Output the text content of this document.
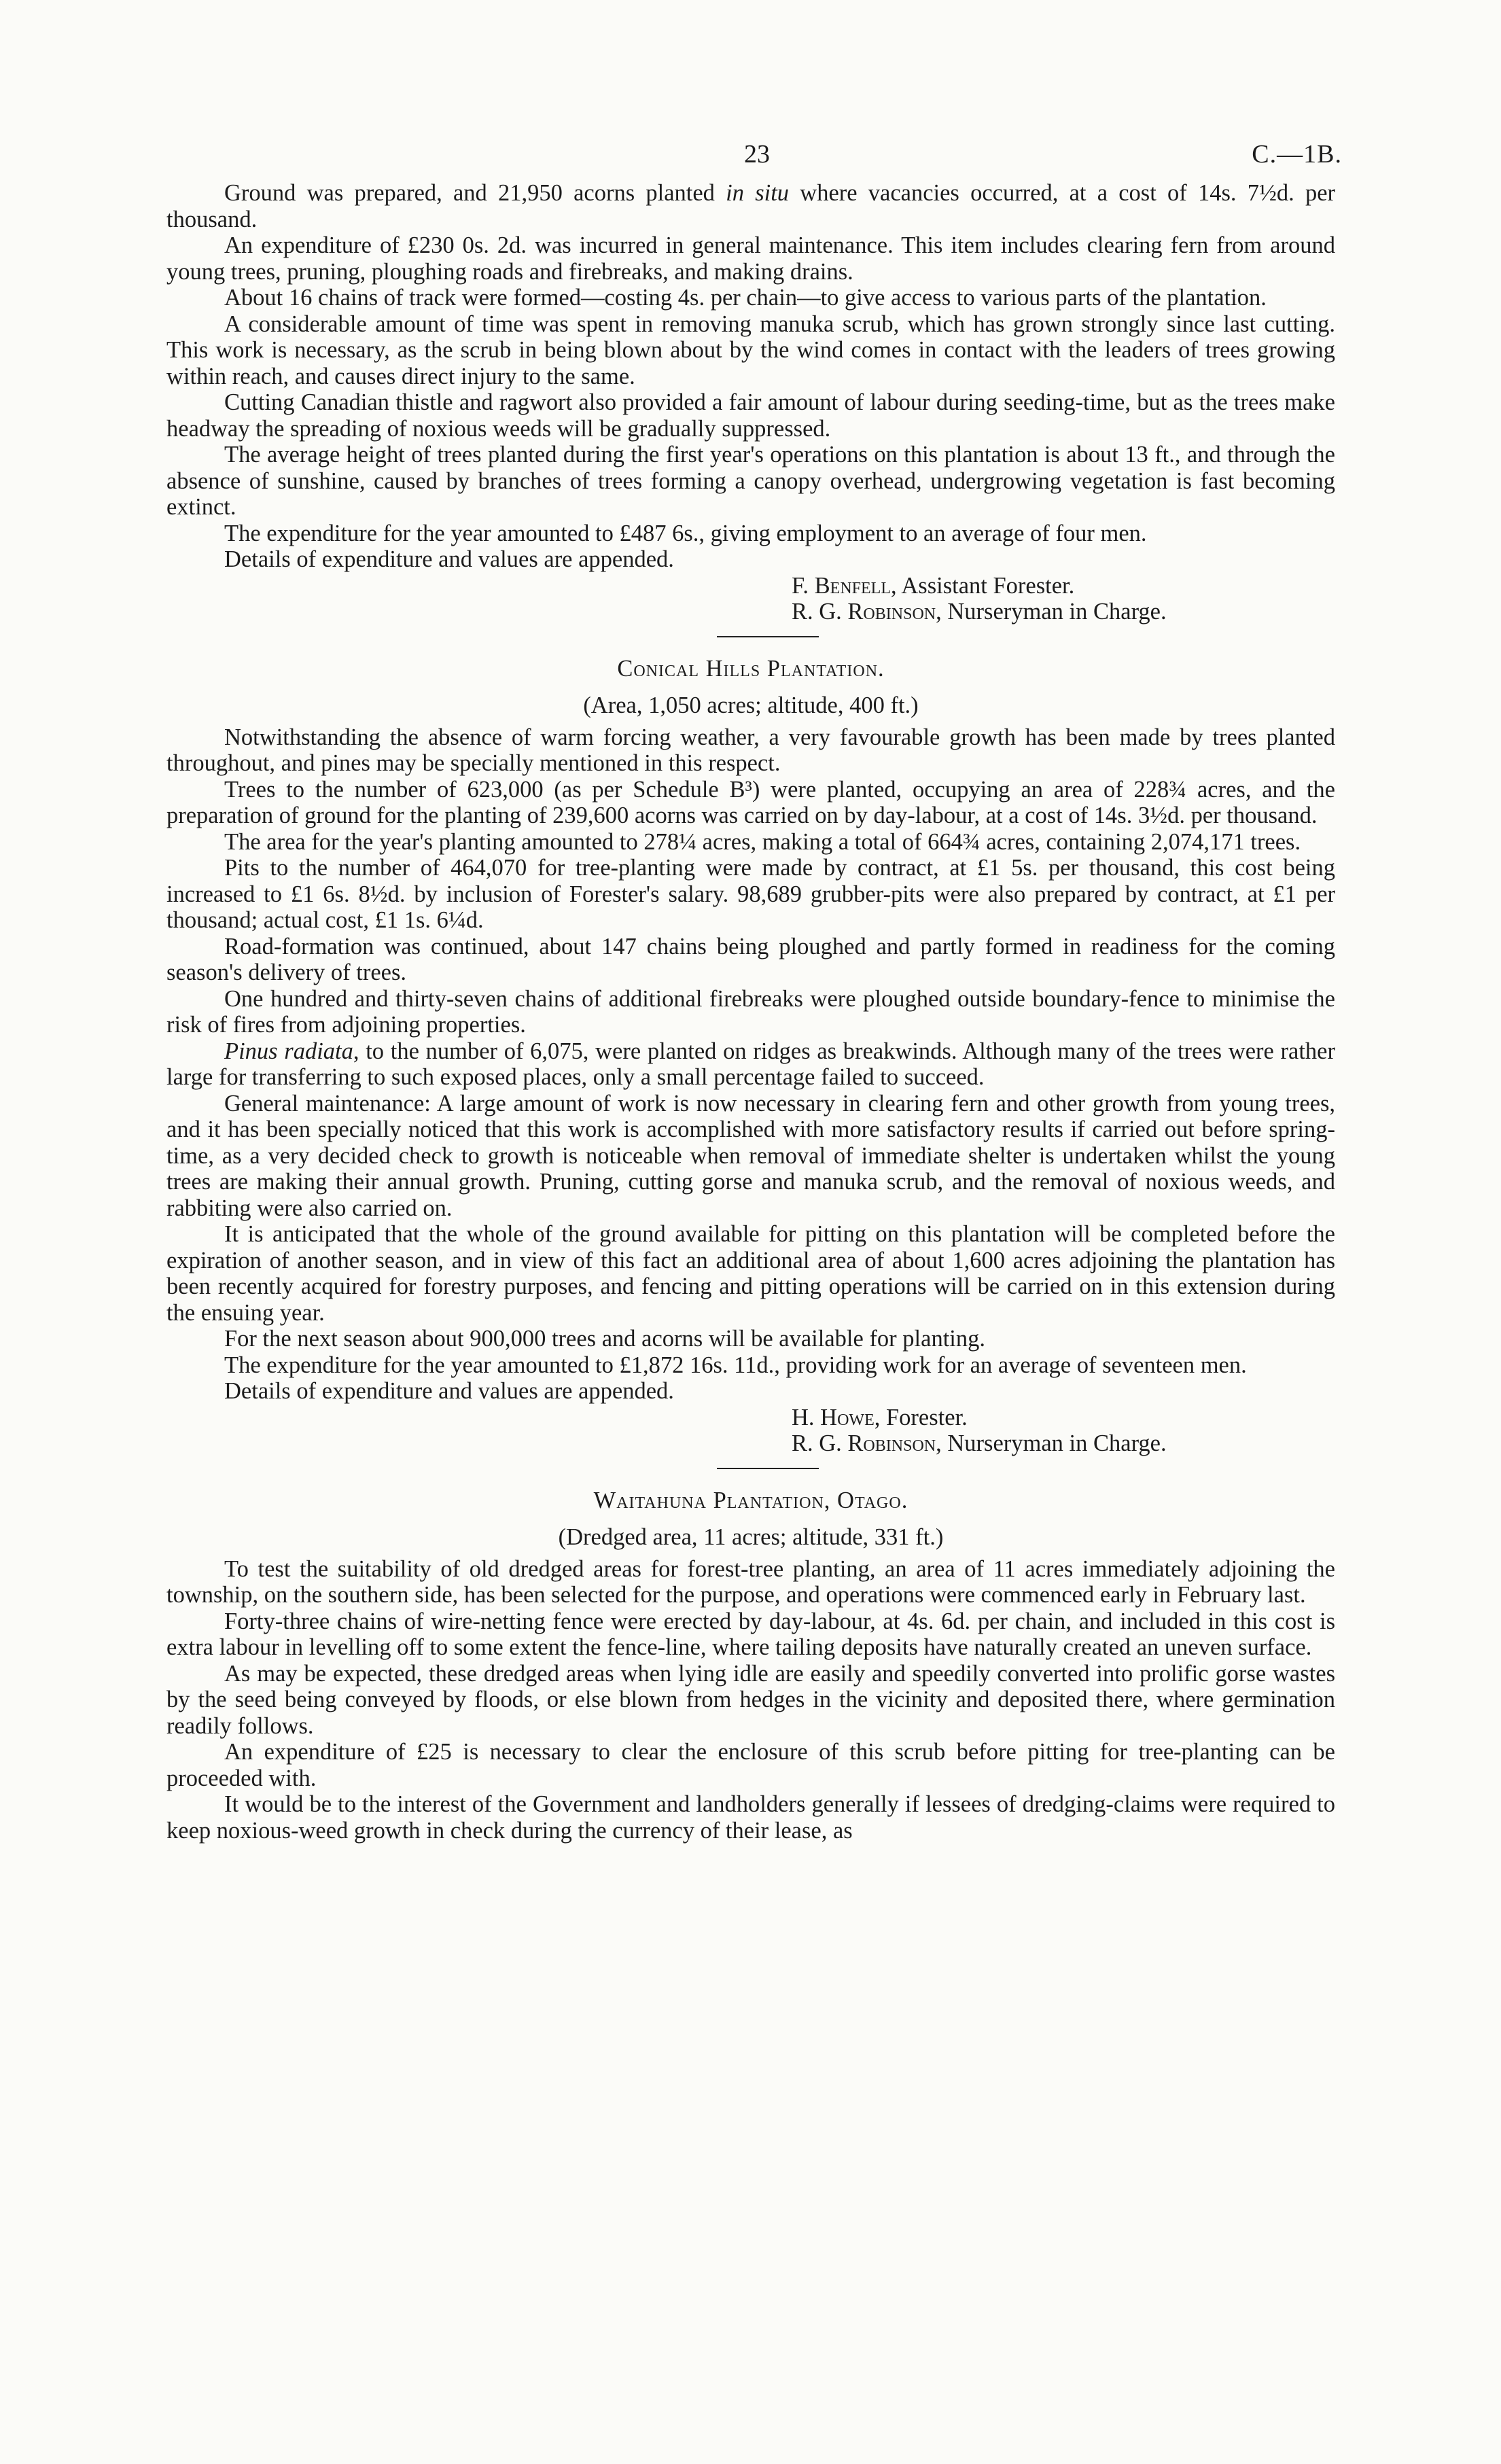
23	C.—1B.

Ground was prepared, and 21,950 acorns planted in situ where vacancies occurred, at a cost of 14s. 7½d. per thousand.

An expenditure of £230 0s. 2d. was incurred in general maintenance. This item includes clearing fern from around young trees, pruning, ploughing roads and firebreaks, and making drains.

About 16 chains of track were formed—costing 4s. per chain—to give access to various parts of the plantation.

A considerable amount of time was spent in removing manuka scrub, which has grown strongly since last cutting. This work is necessary, as the scrub in being blown about by the wind comes in contact with the leaders of trees growing within reach, and causes direct injury to the same.

Cutting Canadian thistle and ragwort also provided a fair amount of labour during seeding-time, but as the trees make headway the spreading of noxious weeds will be gradually suppressed.

The average height of trees planted during the first year's operations on this plantation is about 13 ft., and through the absence of sunshine, caused by branches of trees forming a canopy overhead, undergrowing vegetation is fast becoming extinct.

The expenditure for the year amounted to £487 6s., giving employment to an average of four men.

Details of expenditure and values are appended.

F. Benfell, Assistant Forester.
R. G. Robinson, Nurseryman in Charge.
Conical Hills Plantation.
(Area, 1,050 acres; altitude, 400 ft.)

Notwithstanding the absence of warm forcing weather, a very favourable growth has been made by trees planted throughout, and pines may be specially mentioned in this respect.

Trees to the number of 623,000 (as per Schedule B³) were planted, occupying an area of 228¾ acres, and the preparation of ground for the planting of 239,600 acorns was carried on by day-labour, at a cost of 14s. 3½d. per thousand.

The area for the year's planting amounted to 278¼ acres, making a total of 664¾ acres, containing 2,074,171 trees.

Pits to the number of 464,070 for tree-planting were made by contract, at £1 5s. per thousand, this cost being increased to £1 6s. 8½d. by inclusion of Forester's salary. 98,689 grubber-pits were also prepared by contract, at £1 per thousand; actual cost, £1 1s. 6¼d.

Road-formation was continued, about 147 chains being ploughed and partly formed in readiness for the coming season's delivery of trees.

One hundred and thirty-seven chains of additional firebreaks were ploughed outside boundary-fence to minimise the risk of fires from adjoining properties.

Pinus radiata, to the number of 6,075, were planted on ridges as breakwinds. Although many of the trees were rather large for transferring to such exposed places, only a small percentage failed to succeed.

General maintenance: A large amount of work is now necessary in clearing fern and other growth from young trees, and it has been specially noticed that this work is accomplished with more satisfactory results if carried out before spring-time, as a very decided check to growth is noticeable when removal of immediate shelter is undertaken whilst the young trees are making their annual growth. Pruning, cutting gorse and manuka scrub, and the removal of noxious weeds, and rabbiting were also carried on.

It is anticipated that the whole of the ground available for pitting on this plantation will be completed before the expiration of another season, and in view of this fact an additional area of about 1,600 acres adjoining the plantation has been recently acquired for forestry purposes, and fencing and pitting operations will be carried on in this extension during the ensuing year.

For the next season about 900,000 trees and acorns will be available for planting.

The expenditure for the year amounted to £1,872 16s. 11d., providing work for an average of seventeen men.

Details of expenditure and values are appended.

H. Howe, Forester.
R. G. Robinson, Nurseryman in Charge.
Waitahuna Plantation, Otago.
(Dredged area, 11 acres; altitude, 331 ft.)

To test the suitability of old dredged areas for forest-tree planting, an area of 11 acres immediately adjoining the township, on the southern side, has been selected for the purpose, and operations were commenced early in February last.

Forty-three chains of wire-netting fence were erected by day-labour, at 4s. 6d. per chain, and included in this cost is extra labour in levelling off to some extent the fence-line, where tailing deposits have naturally created an uneven surface.

As may be expected, these dredged areas when lying idle are easily and speedily converted into prolific gorse wastes by the seed being conveyed by floods, or else blown from hedges in the vicinity and deposited there, where germination readily follows.

An expenditure of £25 is necessary to clear the enclosure of this scrub before pitting for tree-planting can be proceeded with.

It would be to the interest of the Government and landholders generally if lessees of dredging-claims were required to keep noxious-weed growth in check during the currency of their lease, as
